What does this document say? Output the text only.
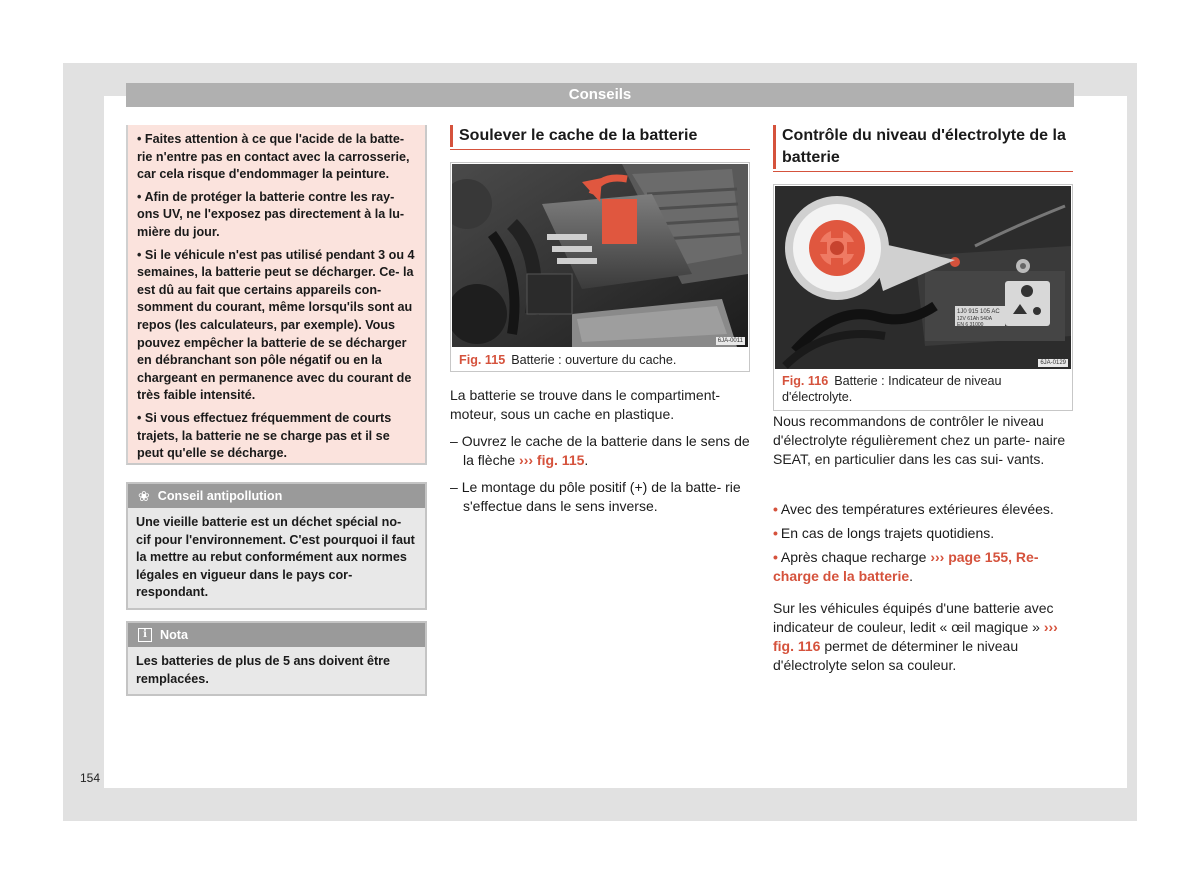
Conseils

• Faites attention à ce que l'acide de la batte- rie n'entre pas en contact avec la carrosserie, car cela risque d'endommager la peinture.

• Afin de protéger la batterie contre les ray- ons UV, ne l'exposez pas directement à la lu- mière du jour.

• Si le véhicule n'est pas utilisé pendant 3 ou 4 semaines, la batterie peut se décharger. Ce- la est dû au fait que certains appareils con- somment du courant, même lorsqu'ils sont au repos (les calculateurs, par exemple). Vous pouvez empêcher la batterie de se décharger en débranchant son pôle négatif ou en la chargeant en permanence avec du courant de très faible intensité.

• Si vous effectuez fréquemment de courts trajets, la batterie ne se charge pas et il se peut qu'elle se décharge.

❀ Conseil antipollution
Une vieille batterie est un déchet spécial no- cif pour l'environnement. C'est pourquoi il faut la mettre au rebut conformément aux normes légales en vigueur dans le pays cor- respondant.
i	Nota
Les batteries de plus de 5 ans doivent être remplacées.
Soulever le cache de la batterie
6JA-0011
Fig. 115 Batterie : ouverture du cache.
La batterie se trouve dans le compartiment- moteur, sous un cache en plastique.
– Ouvrez le cache de la batterie dans le sens de la flèche ››› fig. 115.
– Le montage du pôle positif (+) de la batte- rie s'effectue dans le sens inverse.
Contrôle du niveau d'électrolyte de la batterie
1J0 915 105 AC
12V 61Ah 540A
EN 6 31000
6JA-0129
Fig. 116 Batterie : Indicateur de niveau d'électrolyte.
Nous recommandons de contrôler le niveau d'électrolyte régulièrement chez un parte- naire SEAT, en particulier dans les cas sui- vants.
• Avec des températures extérieures élevées.
• En cas de longs trajets quotidiens.
• Après chaque recharge ››› page 155, Re- charge de la batterie.
Sur les véhicules équipés d'une batterie avec indicateur de couleur, ledit « œil magique » ››› fig. 116 permet de déterminer le niveau d'électrolyte selon sa couleur.
154
